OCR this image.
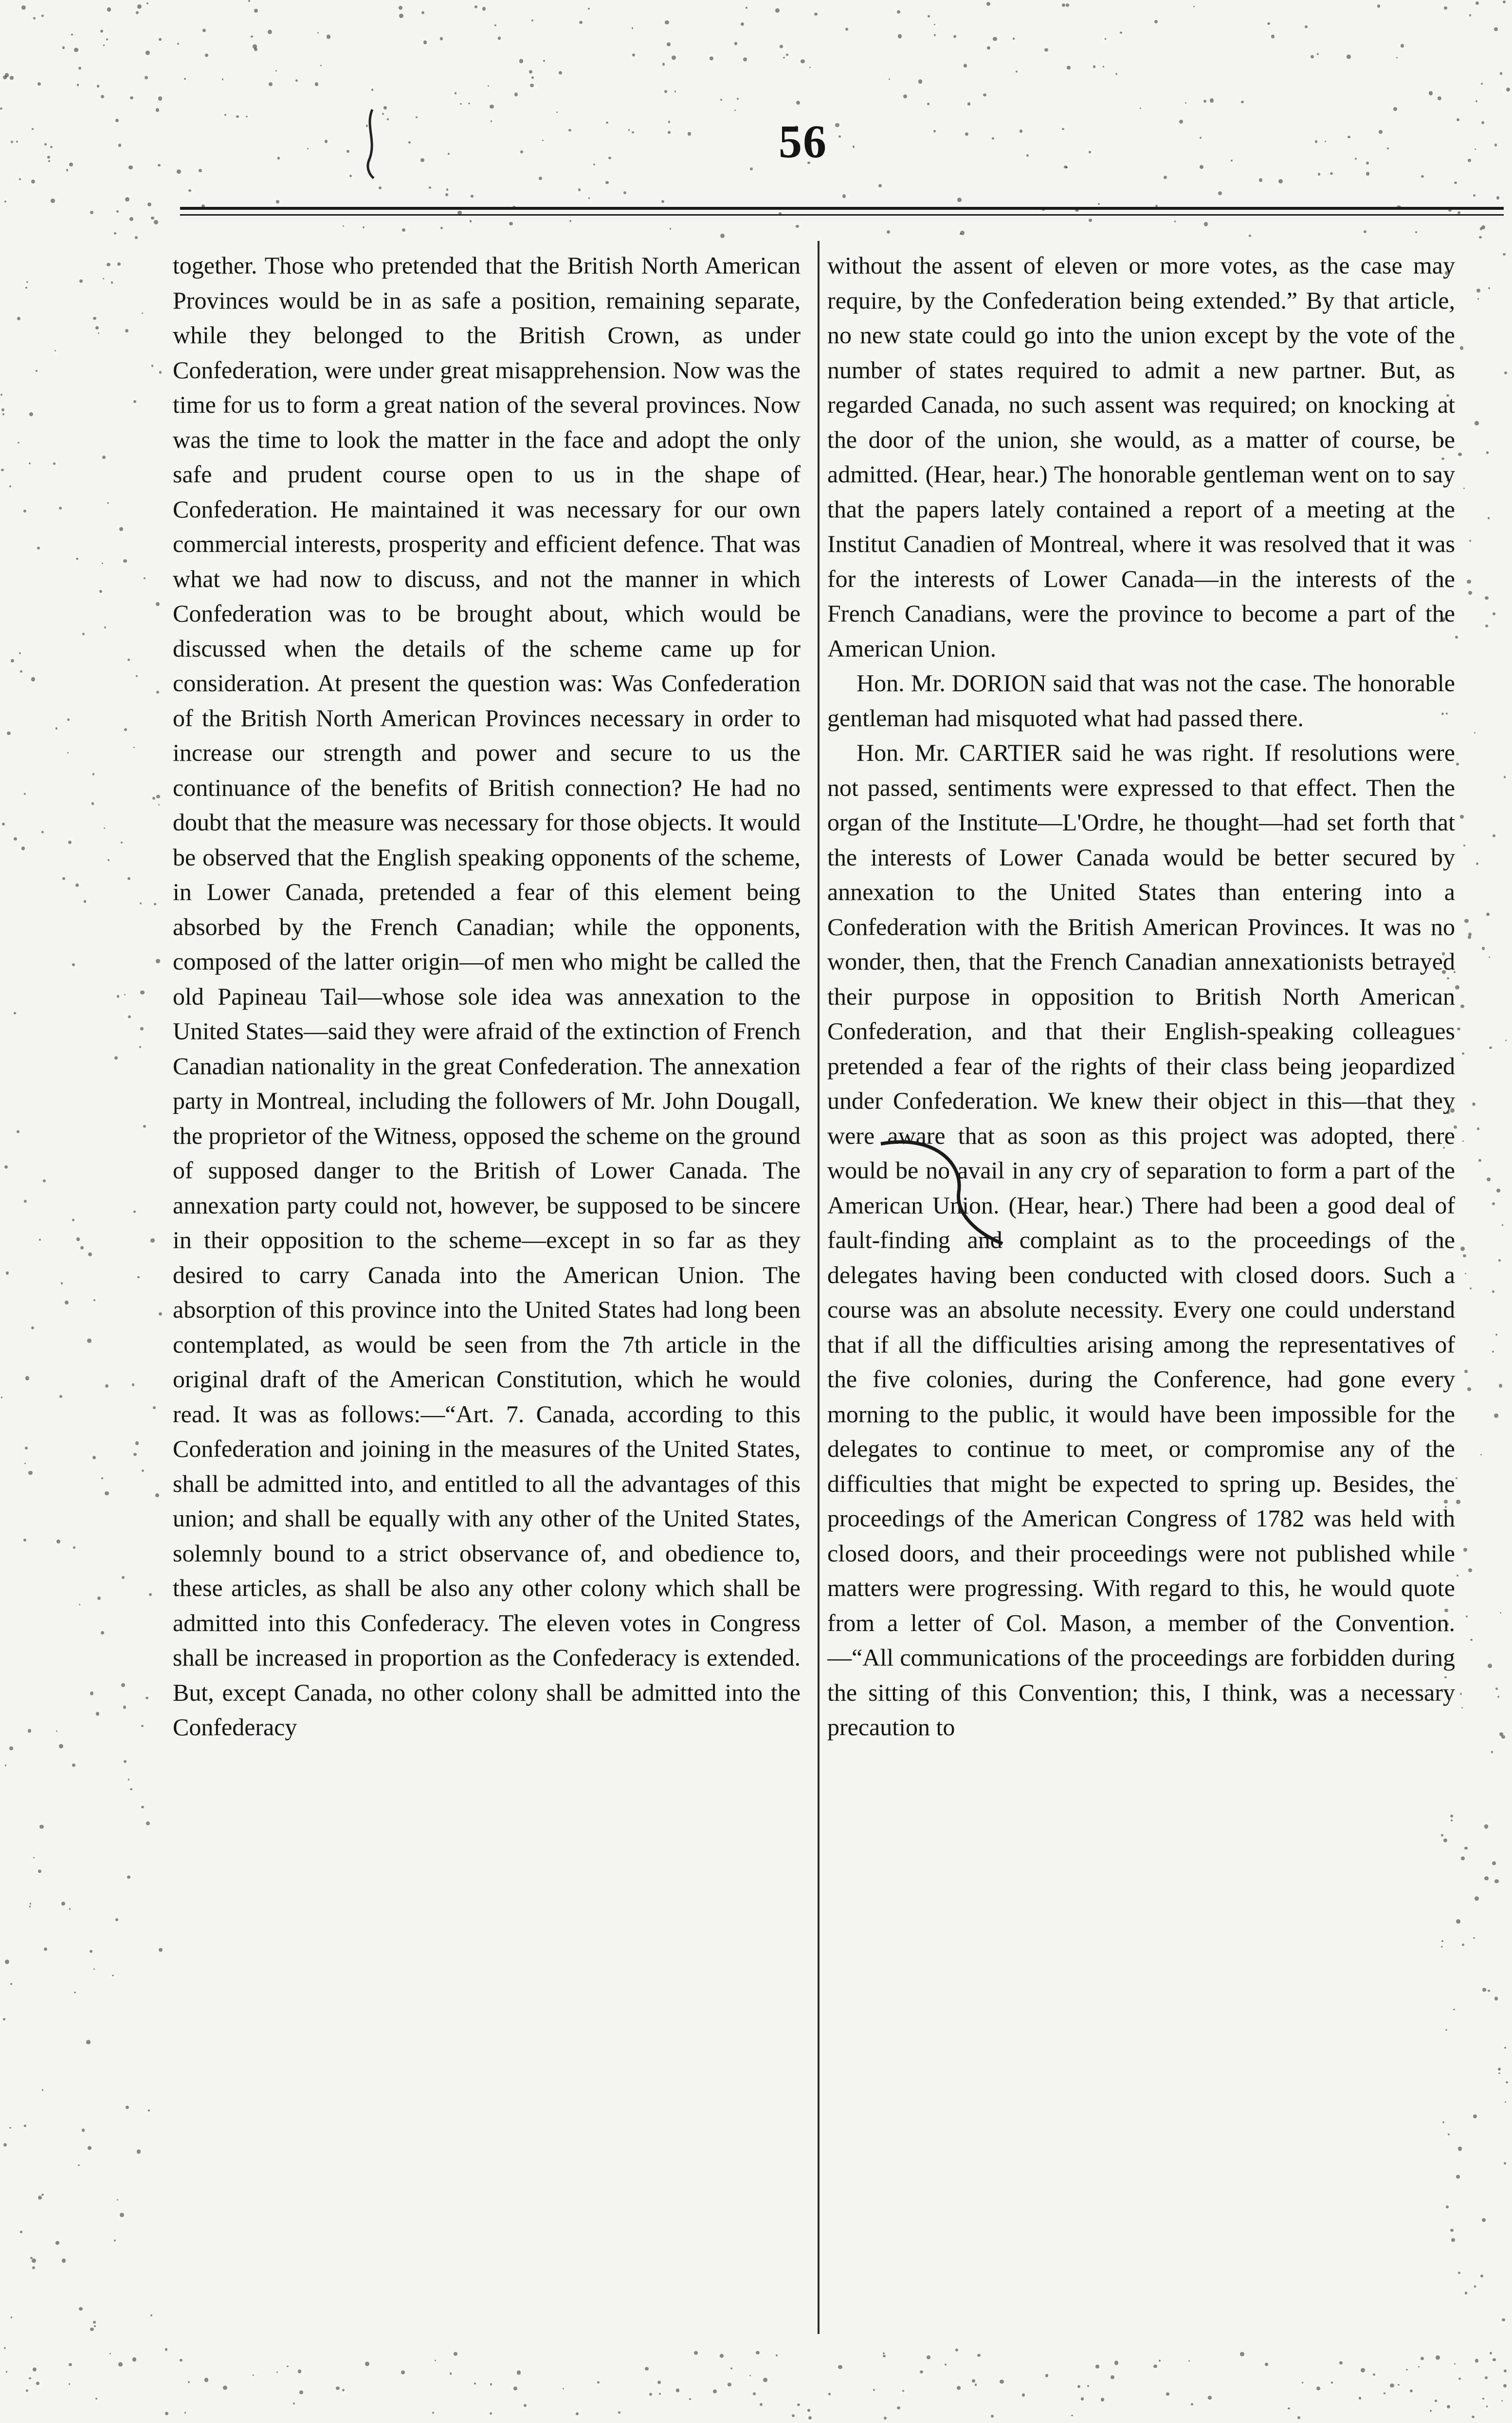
56

together. Those who pretended that the British North American Provinces would be in as safe a position, remaining separate, while they belonged to the British Crown, as under Confederation, were under great misapprehension. Now was the time for us to form a great nation of the several provinces. Now was the time to look the matter in the face and adopt the only safe and prudent course open to us in the shape of Confederation. He maintained it was necessary for our own commercial interests, prosperity and efficient defence. That was what we had now to discuss, and not the manner in which Confederation was to be brought about, which would be discussed when the details of the scheme came up for consideration. At present the question was: Was Confederation of the British North American Provinces necessary in order to increase our strength and power and secure to us the continuance of the benefits of British connection? He had no doubt that the measure was necessary for those objects. It would be observed that the English speaking opponents of the scheme, in Lower Canada, pretended a fear of this element being absorbed by the French Canadian; while the opponents, composed of the latter origin—of men who might be called the old Papineau Tail—whose sole idea was annexation to the United States—said they were afraid of the extinction of French Canadian nationality in the great Confederation. The annexation party in Montreal, including the followers of Mr. John Dougall, the proprietor of the Witness, opposed the scheme on the ground of supposed danger to the British of Lower Canada. The annexation party could not, however, be supposed to be sincere in their opposition to the scheme—except in so far as they desired to carry Canada into the American Union. The absorption of this province into the United States had long been contemplated, as would be seen from the 7th article in the original draft of the American Constitution, which he would read. It was as follows:—“Art. 7. Canada, according to this Confederation and joining in the measures of the United States, shall be admitted into, and entitled to all the advantages of this union; and shall be equally with any other of the United States, solemnly bound to a strict observance of, and obedience to, these articles, as shall be also any other colony which shall be admitted into this Confederacy. The eleven votes in Congress shall be increased in proportion as the Confederacy is extended. But, except Canada, no other colony shall be admitted into the Confederacy

without the assent of eleven or more votes, as the case may require, by the Confederation being extended.” By that article, no new state could go into the union except by the vote of the number of states required to admit a new partner. But, as regarded Canada, no such assent was required; on knocking at the door of the union, she would, as a matter of course, be admitted. (Hear, hear.) The honorable gentleman went on to say that the papers lately contained a report of a meeting at the Institut Canadien of Montreal, where it was resolved that it was for the interests of Lower Canada—in the interests of the French Canadians, were the province to become a part of the American Union.

Hon. Mr. DORION said that was not the case. The honorable gentleman had misquoted what had passed there.

Hon. Mr. CARTIER said he was right. If resolutions were not passed, sentiments were expressed to that effect. Then the organ of the Institute—L'Ordre, he thought—had set forth that the interests of Lower Canada would be better secured by annexation to the United States than entering into a Confederation with the British American Provinces. It was no wonder, then, that the French Canadian annexationists betrayed their purpose in opposition to British North American Confederation, and that their English-speaking colleagues pretended a fear of the rights of their class being jeopardized under Confederation. We knew their object in this—that they were aware that as soon as this project was adopted, there would be no avail in any cry of separation to form a part of the American Union. (Hear, hear.) There had been a good deal of fault-finding and complaint as to the proceedings of the delegates having been conducted with closed doors. Such a course was an absolute necessity. Every one could understand that if all the difficulties arising among the representatives of the five colonies, during the Conference, had gone every morning to the public, it would have been impossible for the delegates to continue to meet, or compromise any of the difficulties that might be expected to spring up. Besides, the proceedings of the American Congress of 1782 was held with closed doors, and their proceedings were not published while matters were progressing. With regard to this, he would quote from a letter of Col. Mason, a member of the Convention.—“All communications of the proceedings are forbidden during the sitting of this Convention; this, I think, was a necessary precaution to
